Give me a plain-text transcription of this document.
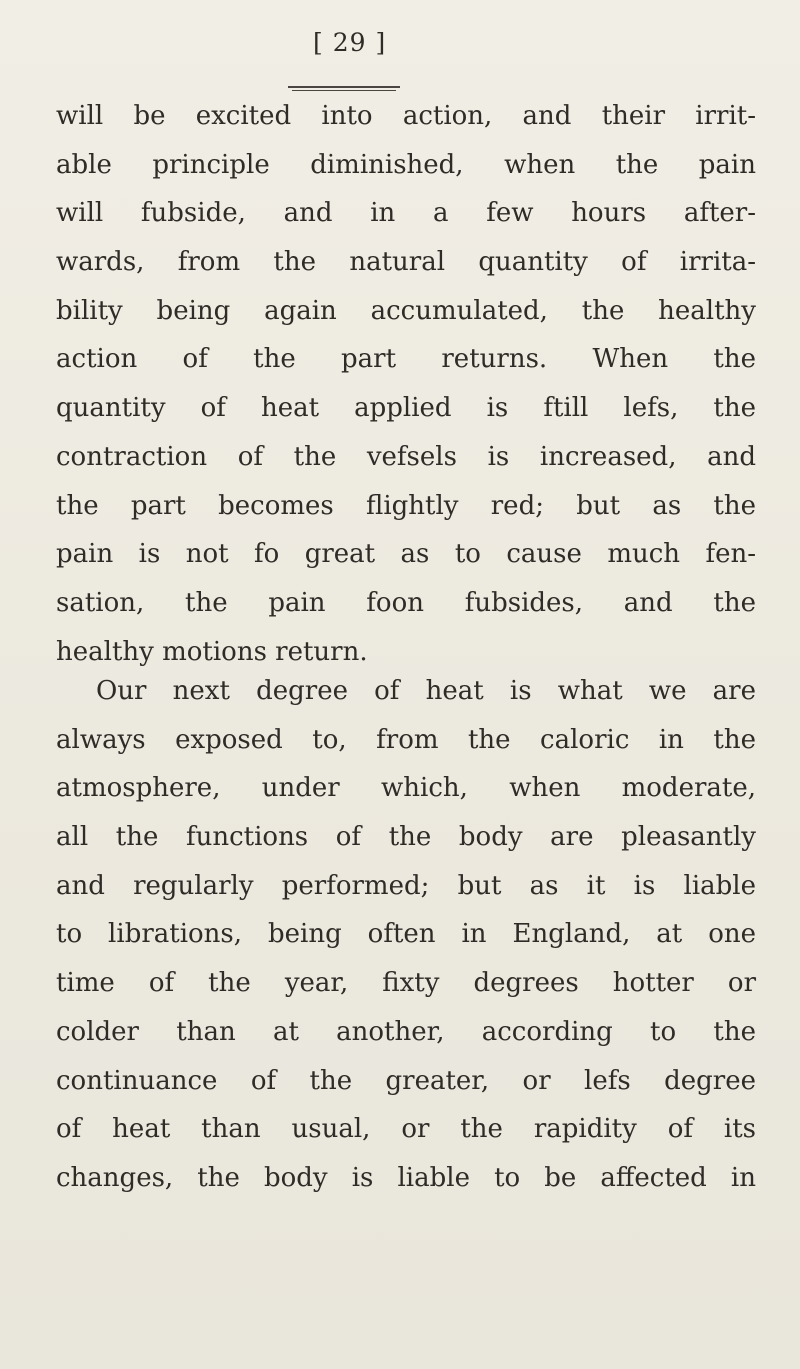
[ 29 ]
will be excited into action, and their irrit-
able principle diminished, when the pain
will fubside, and in a few hours after-
wards, from the natural quantity of irrita-
bility being again accumulated, the healthy
action of the part returns. When the
quantity of heat applied is ftill lefs, the
contraction of the vefsels is increased, and
the part becomes flightly red; but as the
pain is not fo great as to cause much fen-
sation, the pain foon fubsides, and the
healthy motions return.
Our next degree of heat is what we are
always exposed to, from the caloric in the
atmosphere, under which, when moderate,
all the functions of the body are pleasantly
and regularly performed; but as it is liable
to librations, being often in England, at one
time of the year, fixty degrees hotter or
colder than at another, according to the
continuance of the greater, or lefs degree
of heat than usual, or the rapidity of its
changes, the body is liable to be affected in
